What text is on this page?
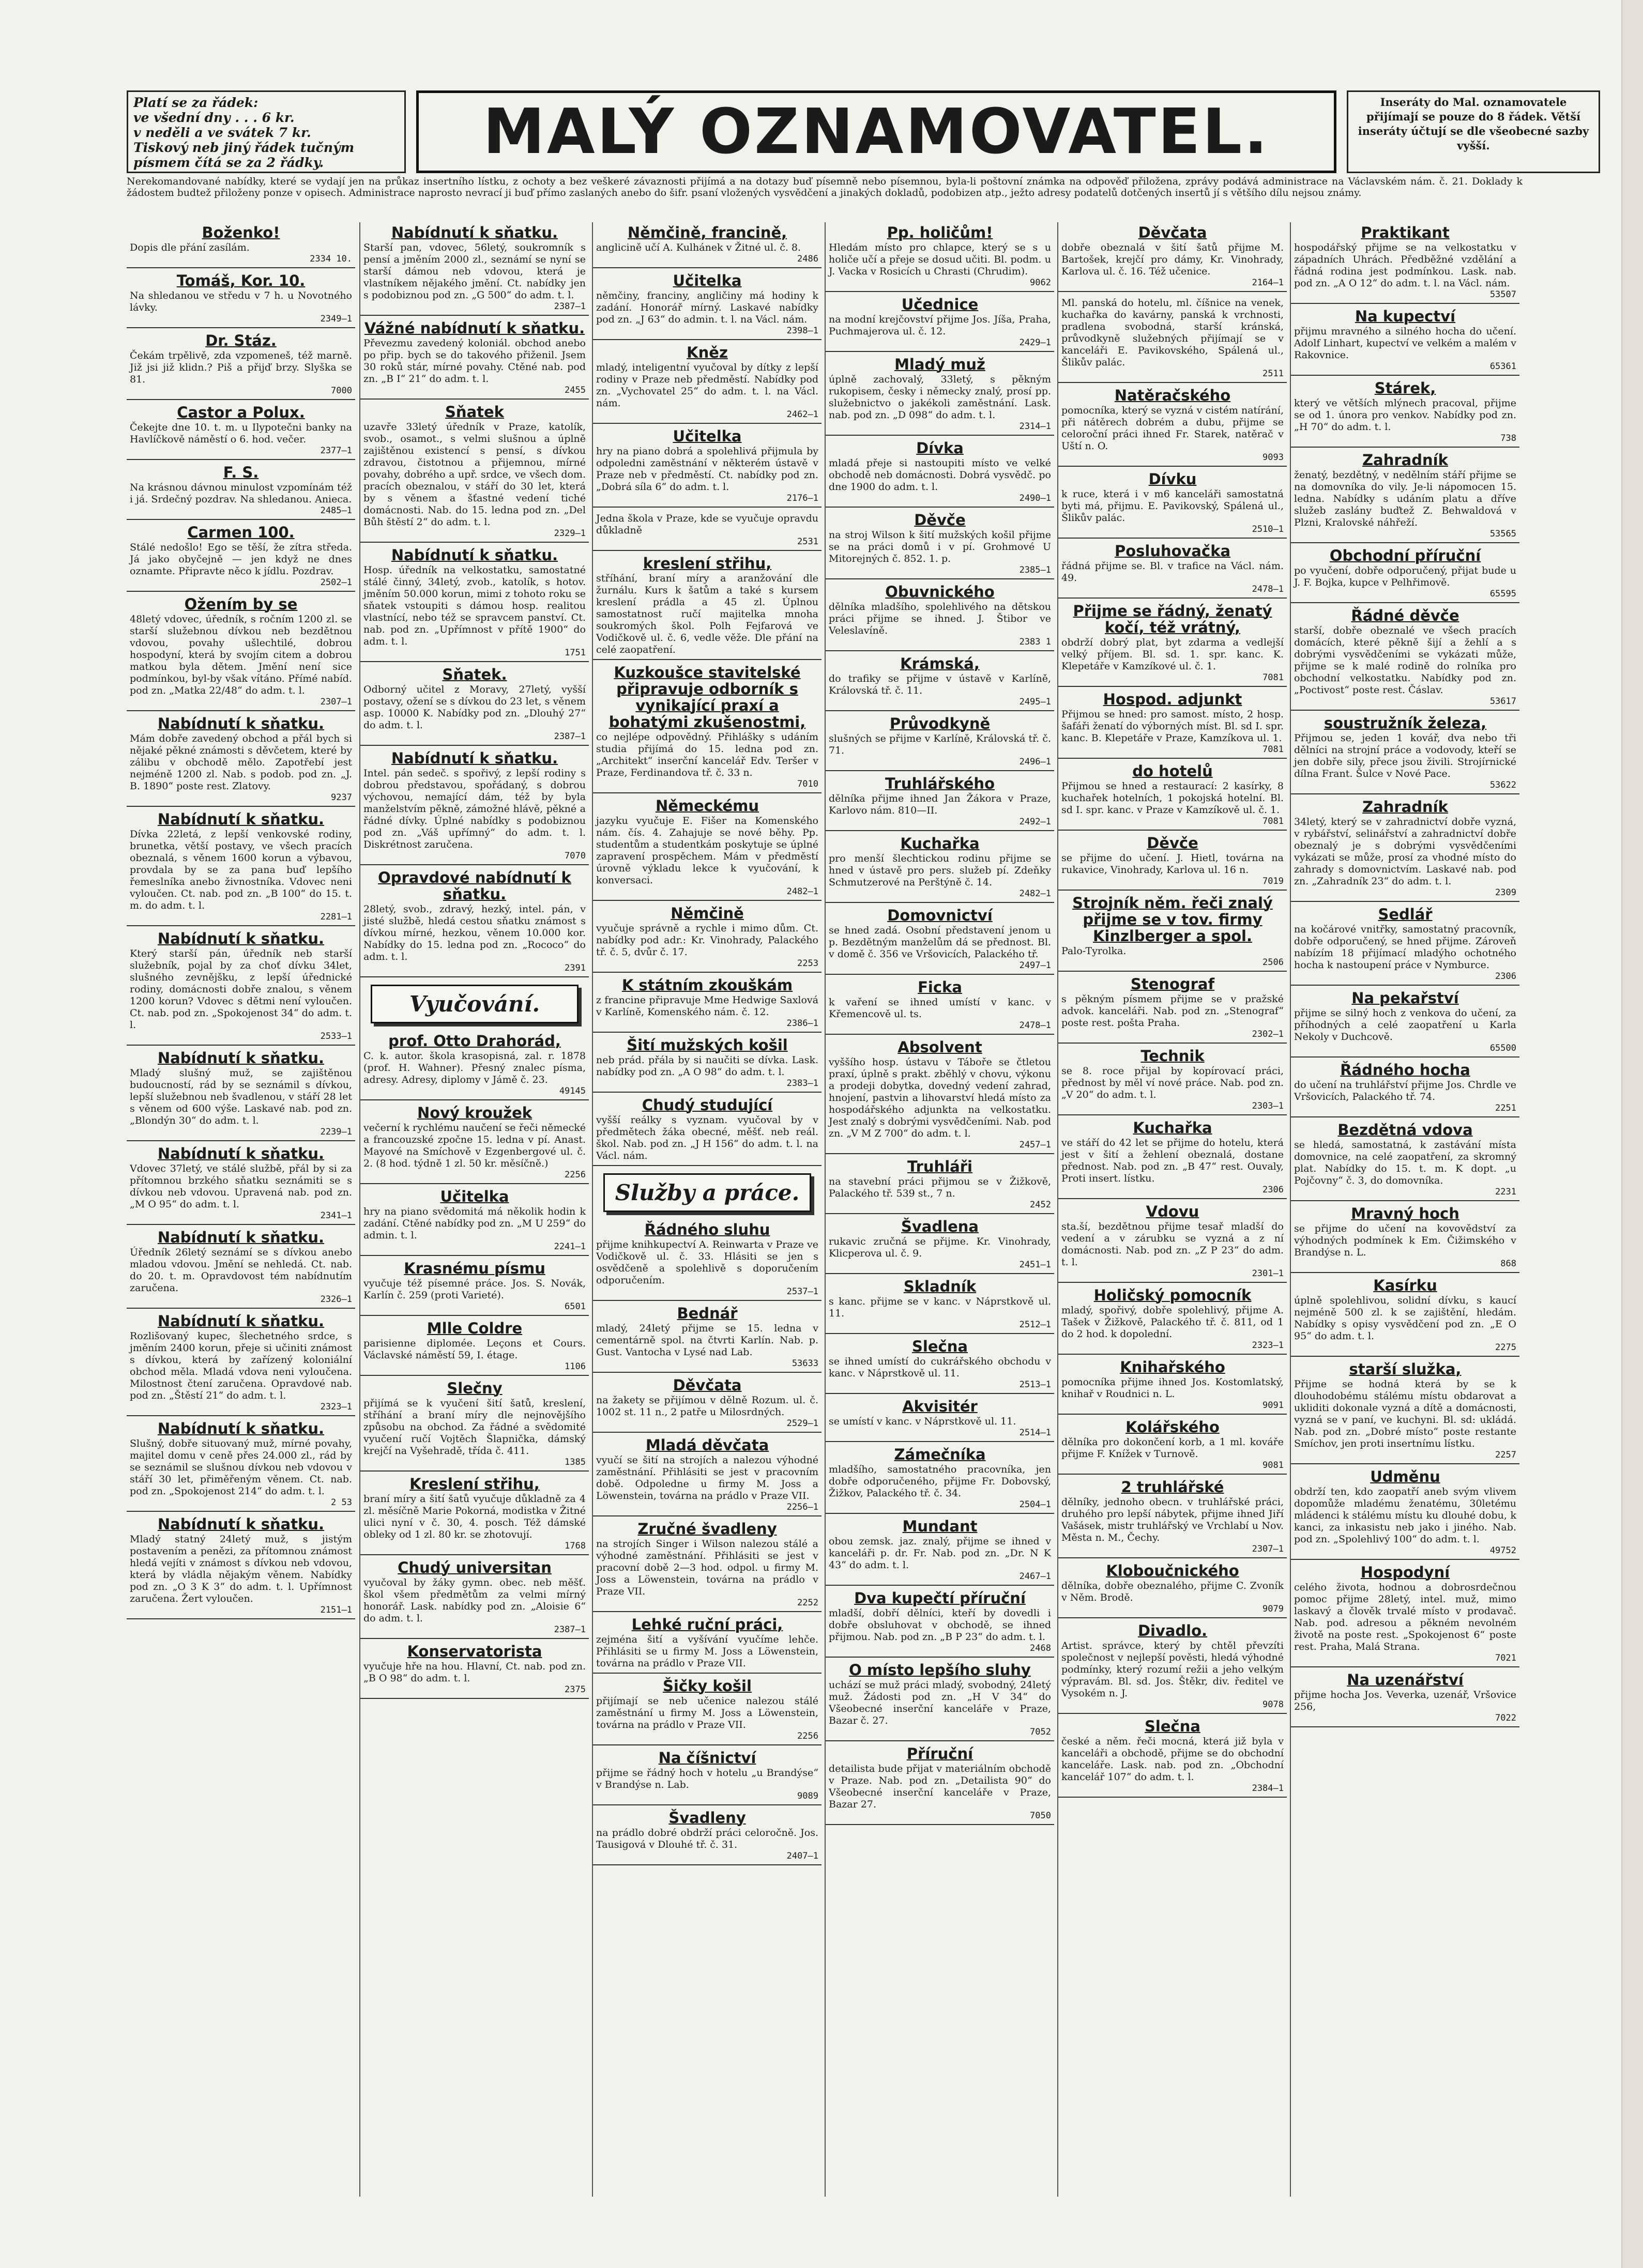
Platí se za řádek:
ve všední dny . . . 6 kr.
v neděli a ve svátek 7 kr.
Tiskový neb jiný řádek tučným
písmem čítá se za 2 řádky.	MALÝ OZNAMOVATEL.	Inseráty do Mal. oznamovatele přijímají se pouze do 8 řádek. Větší inseráty účtují se dle všeobecné sazby vyšší.
Nerekomandované nabídky, které se vydají jen na průkaz insertního lístku, z ochoty a bez veškeré závaznosti přijímá a na dotazy buď písemně nebo písemnou, byla-li poštovní známka na odpověď přiložena, zprávy podává administrace na Václavském nám. č. 21. Doklady k žádostem budtež přiloženy ponze v opisech. Administrace naprosto nevrací ji buď přímo zaslaných anebo do šifr. psaní vložených vysvědčení a jinakých dokladů, podobizen atp., ježto adresy podatelů dotčených insertů jí s většího dílu nejsou známy.
Boženko!
Dopis dle přání zasílám.
2334 10.
Tomáš, Kor. 10.
Na shledanou ve středu v 7 h. u Novotného lávky.
2349—1
Dr. Stáz.
Čekám trpělivě, zda vzpomeneš, též marně. Již jsi již klidn.? Piš a přijď brzy. Slyška se 81.
7000
Castor a Polux.
Čekejte dne 10. t. m. u Ilypotečni banky na Havlíčkově náměstí o 6. hod. večer.
2377—1
F. S.
Na krásnou dávnou minulost vzpomínám též i já. Srdečný pozdrav. Na shledanou. Anieca.
2485—1
Carmen 100.
Stálé nedošlo! Ego se těší, že zítra středa. Já jako obyčejně — jen když ne dnes oznamte. Připravte něco k jídlu. Pozdrav.
2502—1
Ožením by se
48letý vdovec, úředník, s ročním 1200 zl. se starší služebnou dívkou neb bezdětnou vdovou, povahy ušlechtilé, dobrou hospodyní, která by svojím citem a dobrou matkou byla dětem. Jmění není sice podmínkou, byl-by však vítáno. Přímé nabíd. pod zn. „Matka 22/48“ do adm. t. l.
2307—1
Nabídnutí k sňatku.
Mám dobře zavedený obchod a přál bych si nějaké pěkné známosti s děvčetem, které by zálibu v obchodě mělo. Zapotřebí jest nejméně 1200 zl. Nab. s podob. pod zn. „J. B. 1890“ poste rest. Zlatovy.
9237
Nabídnutí k sňatku.
Dívka 22letá, z lepší venkovské rodiny, brunetka, větší postavy, ve všech pracích obeznalá, s věnem 1600 korun a výbavou, provdala by se za pana buď lepšího řemeslníka anebo živnostníka. Vdovec neni vyloučen. Ct. nab. pod zn. „B 100“ do 15. t. m. do adm. t. l.
2281—1
Nabídnutí k sňatku.
Který starší pán, úředník neb starší služebník, pojal by za choť dívku 34let, slušného zevnějšku, z lepší úřednické rodiny, domácnosti dobře znalou, s věnem 1200 korun? Vdovec s dětmi není vyloučen. Ct. nab. pod zn. „Spokojenost 34“ do adm. t. l.
2533—1
Nabídnutí k sňatku.
Mladý slušný muž, se zajištěnou budoucností, rád by se seznámil s dívkou, lepší služebnou neb švadlenou, v stáří 28 let s věnem od 600 výše. Laskavé nab. pod zn. „Blondýn 30“ do adm. t. l.
2239—1
Nabídnutí k sňatku.
Vdovec 37letý, ve stálé službě, přál by si za přítomnou brzkého sňatku seznámiti se s dívkou neb vdovou. Upravená nab. pod zn. „M O 95“ do adm. t. l.
2341—1
Nabídnutí k sňatku.
Úředník 26letý seznámí se s dívkou anebo mladou vdovou. Jmění se nehledá. Ct. nab. do 20. t. m. Opravdovost tém nabídnutím zaručena.
2326—1
Nabídnutí k sňatku.
Rozlišovaný kupec, šlechetného srdce, s jměním 2400 korun, přeje si učiniti známost s dívkou, která by zařízený koloniální obchod měla. Mladá vdova neni vyloučena. Milostnost čtení zaručena. Opravdové nab. pod zn. „Štěstí 21“ do adm. t. l.
2323—1
Nabídnutí k sňatku.
Slušný, dobře situovaný muž, mírné povahy, majitel domu v ceně přes 24.000 zl., rád by se seznámil se slušnou dívkou neb vdovou v stáří 30 let, přiměřeným věnem. Ct. nab. pod zn. „Spokojenost 214“ do adm. t. l.
2 53
Nabídnutí k sňatku.
Mladý statný 24letý muž, s jistým postavením a penězi, za přítomnou známost hledá vejíti v známost s dívkou neb vdovou, která by vládla nějakým věnem. Nabídky pod zn. „O 3 K 3“ do adm. t. l. Upřímnost zaručena. Žert vyloučen.
2151—1
Nabídnutí k sňatku.
Starší pan, vdovec, 56letý, soukromník s pensí a jměním 2000 zl., seznámí se nyní se starší dámou neb vdovou, která je vlastníkem nějakého jmění. Ct. nabídky jen s podobiznou pod zn. „G 500“ do adm. t. l.
2387—1
Vážné nabídnutí k sňatku.
Převezmu zavedený koloniál. obchod anebo po přip. bych se do takového přiženil. Jsem 30 roků stár, mírné povahy. Ctěné nab. pod zn. „B I“ 21“ do adm. t. l.
2455
Sňatek
uzavře 33letý úředník v Praze, katolík, svob., osamot., s velmi slušnou a úplně zajištěnou existencí s pensí, s dívkou zdravou, čistotnou a přijemnou, mírné povahy, dobrého a upř. srdce, ve všech dom. pracích obeznalou, v stáří do 30 let, která by s věnem a šťastné vedení tiché domácnosti. Nab. do 15. ledna pod zn. „Del Bůh štěstí 2“ do adm. t. l.
2329—1
Nabídnutí k sňatku.
Hosp. úředník na velkostatku, samostatné stálé činný, 34letý, zvob., katolík, s hotov. jměním 50.000 korun, mimi z tohoto roku se sňatek vstoupiti s dámou hosp. realitou vlastnící, nebo též se spravcem panství. Ct. nab. pod zn. „Upřímnost v přítě 1900“ do adm. t. l.
1751
Sňatek.
Odborný učitel z Moravy, 27letý, vyšší postavy, ožení se s dívkou do 23 let, s věnem asp. 10000 K. Nabídky pod zn. „Dlouhý 27“ do adm. t. l.
2387—1
Nabídnutí k sňatku.
Intel. pán sedeč. s spořivý, z lepší rodiny s dobrou představou, spořádaný, s dobrou výchovou, nemající dám, též by byla manželstvím pěkně, zámožné hlávě, pěkné a řádné dívky. Úplné nabídky s podobiznou pod zn. „Váš upřímný“ do adm. t. l. Diskrétnost zaručena.
7070
Opravdové nabídnutí k sňatku.
28letý, svob., zdravý, hezký, intel. pán, v jisté službě, hledá cestou sňatku známost s dívkou mírné, hezkou, věnem 10.000 kor. Nabídky do 15. ledna pod zn. „Rococo“ do adm. t. l.
2391
Vyučování.
prof. Otto Drahorád,
C. k. autor. škola krasopisná, zal. r. 1878 (prof. H. Wahner). Přesný znalec písma, adresy. Adresy, diplomy v Jámě č. 23.
49145
Nový kroužek
večerní k rychlému naučení se řeči německé a francouzské zpočne 15. ledna v pí. Anast. Mayové na Smíchově v Ezgenbergové ul. č. 2. (8 hod. týdně 1 zl. 50 kr. měsíčně.)
2256
Učitelka
hry na piano svědomitá má několik hodin k zadání. Ctěné nabídky pod zn. „M U 259“ do admin. t. l.
2241—1
Krasnému písmu
vyučuje též písemné práce. Jos. S. Novák, Karlín č. 259 (proti Varieté).
6501
Mlle Coldre
parisienne diplomée. Leçons et Cours. Václavské náměstí 59, I. étage.
1106
Slečny
přijímá se k vyučení šití šatů, kreslení, stříhání a braní míry dle nejnovějšího způsobu na obchod. Za řádné a svědomité vyučení ručí Vojtěch Šlapnička, dámský krejčí na Vyšehradě, třída č. 411.
1385
Kreslení střihu,
braní míry a šití šatů vyučuje důkladně za 4 zl. měsíčně Marie Pokorná, modistka v Žitné ulici nyní v č. 30, 4. posch. Též dámské obleky od 1 zl. 80 kr. se zhotovují.
1768
Chudý universitan
vyučoval by žáky gymn. obec. neb měšť. škol všem předmětům za velmi mírný honorář. Lask. nabídky pod zn. „Aloisie 6“ do adm. t. l.
2387—1
Konservatorista
vyučuje hře na hou. Hlavní, Ct. nab. pod zn. „B O 98“ do adm. t. l.
2375
Němčině, francině,
anglicině učí A. Kulhánek v Žitné ul. č. 8.
2486
Učitelka
němčiny, franciny, angličiny má hodiny k zadání. Honorář mírný. Laskavé nabídky pod zn. „J 63“ do admin. t. l. na Václ. nám.
2398—1
Kněz
mladý, inteligentní vyučoval by dítky z lepší rodiny v Praze neb předměstí. Nabídky pod zn. „Vychovatel 25“ do adm. t. l. na Václ. nám.
2462—1
Učitelka
hry na piano dobrá a spolehlivá přijmula by odpoledni zaměstnání v některém ústavě v Praze neb v předměstí. Ct. nabídky pod zn. „Dobrá síla 6“ do adm. t. l.
2176—1
Jedna škola v Praze, kde se vyučuje opravdu důkladně
2531
kreslení střihu,
stříhání, braní míry a aranžování dle žurnálu. Kurs k šatům a také s kursem kreslení prádla a 45 zl. Úplnou samostatnost ručí majitelka mnoha soukromých škol. Polh Fejfarová ve Vodičkově ul. č. 6, vedle věže. Dle přání na celé zaopatření.
Kuzkoušce stavitelské připravuje odborník s vynikající praxí a bohatými zkušenostmi,
co nejlépe odpovědný. Přihlášky s udáním studia přijímá do 15. ledna pod zn. „Architekt“ inserční kancelář Edv. Teršer v Praze, Ferdinandova tř. č. 33 n.
7010
Německému
jazyku vyučuje E. Fišer na Komenského nám. čís. 4. Zahajuje se nové běhy. Pp. studentům a studentkám poskytuje se úplné zapravení prospěchem. Mám v předměstí úrovně výkladu lekce k vyučování, k konversaci.
2482—1
Němčině
vyučuje správně a rychle i mimo dům. Ct. nabídky pod adr.: Kr. Vinohrady, Palackého tř. č. 5, dvůr č. 17.
2253
K státním zkouškám
z francine připravuje Mme Hedwige Saxlová v Karlíně, Komenského nám. č. 12.
2386—1
Šití mužských košil
neb prád. přála by si naučiti se dívka. Lask. nabídky pod zn. „A O 98“ do adm. t. l.
2383—1
Chudý studující
vyšší reálky s vyznam. vyučoval by v předmětech žáka obecné, měšť. neb reál. škol. Nab. pod zn. „J H 156“ do adm. t. l. na Václ. nám.
Služby a práce.
Řádného sluhu
přijme knihkupectví A. Reinwarta v Praze ve Vodičkově ul. č. 33. Hlásiti se jen s osvědčeně a spolehlivě s doporučením odporučením.
2537—1
Bednář
mladý, 24letý přijme se 15. ledna v cementárně spol. na čtvrti Karlín. Nab. p. Gust. Vantocha v Lysé nad Lab.
53633
Děvčata
na žakety se přijímou v dělně Rozum. ul. č. 1002 st. 11 n., 2 patře u Milosrdných.
2529—1
Mladá děvčata
vyučí se šití na strojích a nalezou výhodné zaměstnání. Přihlásiti se jest v pracovním době. Odpoledne u firmy M. Joss a Löwenstein, továrna na prádlo v Praze VII.
2256—1
Zručné švadleny
na strojích Singer i Wilson nalezou stálé a výhodné zaměstnání. Přihlásiti se jest v pracovní době 2—3 hod. odpol. u firmy M. Joss a Löwenstein, továrna na prádlo v Praze VII.
2252
Lehké ruční práci,
zejména šití a vyšívání vyučíme lehče. Přihlásiti se u firmy M. Joss a Löwenstein, továrna na prádlo v Praze VII.
Šičky košil
přijímají se neb učenice nalezou stálé zaměstnání u firmy M. Joss a Löwenstein, továrna na prádlo v Praze VII.
2256
Na číšnictví
přijme se řádný hoch v hotelu „u Brandýse“ v Brandýse n. Lab.
9089
Švadleny
na prádlo dobré obdrží práci celoročně. Jos. Tausigová v Dlouhé tř. č. 31.
2407—1
Pp. holičům!
Hledám místo pro chlapce, který se s u holiče učí a přeje se dosud učiti. Bl. podm. u J. Vacka v Rosicích u Chrasti (Chrudim).
9062
Učednice
na modní krejčovství přijme Jos. Jíša, Praha, Puchmajerova ul. č. 12.
2429—1
Mladý muž
úplně zachovalý, 33letý, s pěkným rukopisem, česky i německy znalý, prosí pp. služebnictvo o jakékoli zaměstnání. Lask. nab. pod zn. „D 098“ do adm. t. l.
2314—1
Dívka
mladá přeje si nastoupiti místo ve velké obchodě neb domácnosti. Dobrá vysvědč. po dne 1900 do adm. t. l.
2490—1
Děvče
na stroj Wilson k šití mužských košil přijme se na práci domů i v pí. Grohmové U Mitorejných č. 852. 1. p.
2385—1
Obuvnického
dělníka mladšího, spolehlivého na dětskou práci přijme se ihned. J. Štibor ve Veleslavíně.
2383 1
Krámská,
do trafiky se přijme v ústavě v Karlíně, Královská tř. č. 11.
2495—1
Průvodkyně
slušných se přijme v Karlíně, Královská tř. č. 71.
2496—1
Truhlářského
dělníka přijme ihned Jan Žákora v Praze, Karlovo nám. 810—II.
2492—1
Kuchařka
pro menší šlechtickou rodinu přijme se hned v ústavě pro pers. služeb pí. Zdeňky Schmutzerové na Perštýně č. 14.
2482—1
Domovnictví
se hned zadá. Osobní představení jenom u p. Bezdětným manželům dá se přednost. Bl. v domě č. 356 ve Vršovicích, Palackého tř.
2497—1
Ficka
k vaření se ihned umístí v kanc. v Křemencově ul. ts.
2478—1
Absolvent
vyššího hosp. ústavu v Táboře se čtletou praxí, úplně s prakt. zběhlý v chovu, výkonu a prodeji dobytka, dovedný vedení zahrad, hnojení, pastvin a lihovarství hledá místo za hospodářského adjunkta na velkostatku. Jest znalý s dobrými vysvědčeními. Nab. pod zn. „V M Z 700“ do adm. t. l.
2457—1
Truhláři
na stavební práci přijmou se v Žižkově, Palackého tř. 539 st., 7 n.
2452
Švadlena
rukavic zručná se přijme. Kr. Vinohrady, Klicperova ul. č. 9.
2451—1
Skladník
s kanc. přijme se v kanc. v Náprstkově ul. 11.
2512—1
Slečna
se ihned umístí do cukrářského obchodu v kanc. v Náprstkově ul. 11.
2513—1
Akvisitér
se umístí v kanc. v Náprstkově ul. 11.
2514—1
Zámečníka
mladšího, samostatného pracovníka, jen dobře odporučeného, přijme Fr. Dobovský, Žižkov, Palackého tř. č. 34.
2504—1
Mundant
obou zemsk. jaz. znalý, přijme se ihned v kanceláři p. dr. Fr. Nab. pod zn. „Dr. N K 43“ do adm. t. l.
2467—1
Dva kupečtí příruční
mladší, dobří dělníci, kteří by dovedli i dobře obsluhovat v obchodě, se ihned přijmou. Nab. pod zn. „B P 23“ do adm. t. l.
2468
O místo lepšího sluhy
uchází se muž práci mladý, svobodný, 24letý muž. Žádosti pod zn. „H V 34“ do Všeobecné inserční kanceláře v Praze, Bazar č. 27.
7052
Příruční
detailista bude přijat v materiálním obchodě v Praze. Nab. pod zn. „Detailista 90“ do Všeobecné inserční kanceláře v Praze, Bazar 27.
7050
Děvčata
dobře obeznalá v šití šatů přijme M. Bartošek, krejčí pro dámy, Kr. Vinohrady, Karlova ul. č. 16. Též učenice.
2164—1
Ml. panská do hotelu, ml. číšnice na venek, kuchařka do kavárny, panská k vrchnosti, pradlena svobodná, starší kránská, průvodkyně služebných přijímají se v kanceláři E. Pavikovského, Spálená ul., Šlikův palác.
2511
Natěračského
pomocníka, který se vyzná v cistém natírání, při nátěrech dobrém a dubu, přijme se celoroční práci ihned Fr. Starek, natěrač v Uští n. O.
9093
Dívku
k ruce, která i v m6 kanceláři samostatná byti má, přijmu. E. Pavikovský, Spálená ul., Šlikův palác.
2510—1
Posluhovačka
řádná přijme se. Bl. v trafice na Václ. nám. 49.
2478—1
Přijme se řádný, ženatý kočí, též vrátný,
obdrží dobrý plat, byt zdarma a vedlejší velký příjem. Bl. sd. 1. spr. kanc. K. Klepetáře v Kamzíkové ul. č. 1.
7081
Hospod. adjunkt
Přijmou se hned: pro samost. místo, 2 hosp. šafáři ženatí do výborných míst. Bl. sd I. spr. kanc. B. Klepetáře v Praze, Kamzíkova ul. 1.
7081
do hotelů
Přijmou se hned a restaurací: 2 kasírky, 8 kuchařek hotelních, 1 pokojská hotelní. Bl. sd I. spr. kanc. v Praze v Kamzíkově ul. č. 1.
7081
Děvče
se přijme do učení. J. Hietl, továrna na rukavice, Vinohrady, Karlova ul. 16 n.
7019
Strojník něm. řeči znalý přijme se v tov. firmy Kinzlberger a spol.
Palo-Tyrolka.
2506
Stenograf
s pěkným písmem přijme se v pražské advok. kanceláři. Nab. pod zn. „Stenograf“ poste rest. pošta Praha.
2302—1
Technik
se 8. roce přijal by kopírovací práci, přednost by měl ví nové práce. Nab. pod zn. „V 20“ do adm. t. l.
2303—1
Kuchařka
ve stáří do 42 let se přijme do hotelu, která jest v šití a žehlení obeznalá, dostane přednost. Nab. pod zn. „B 47“ rest. Ouvaly, Proti insert. lístku.
2306
Vdovu
sta.ší, bezdětnou přijme tesař mladší do vedení a v zárubku se vyzná a z ní domácnosti. Nab. pod zn. „Z P 23“ do adm. t. l.
2301—1
Holičský pomocník
mladý, spořivý, dobře spolehlivý, přijme A. Tašek v Žižkově, Palackého tř. č. 811, od 1 do 2 hod. k dopolední.
2323—1
Knihařského
pomocníka přijme ihned Jos. Kostomlatský, knihař v Roudnici n. L.
9091
Kolářského
dělníka pro dokončení korb, a 1 ml. kováře přijme F. Knížek v Turnově.
9081
2 truhlářské
dělníky, jednoho obecn. v truhlářské práci, druhého pro lepší nábytek, přijme ihned Jiří Vašásek, mistr truhlářský ve Vrchlabí u Nov. Města n. M., Čechy.
2307—1
Kloboučnického
dělníka, dobře obeznalého, přijme C. Zvoník v Něm. Brodě.
9079
Divadlo.
Artist. správce, který by chtěl převzíti společnost v nejlepší pověsti, hledá výhodné podmínky, který rozumí režii a jeho velkým výpravám. Bl. sd. Jos. Štěkr, div. ředitel ve Vysokém n. J.
9078
Slečna
české a něm. řeči mocná, která již byla v kanceláři a obchodě, přijme se do obchodní kanceláře. Lask. nab. pod zn. „Obchodní kancelář 107“ do adm. t. l.
2384—1
Praktikant
hospodářský přijme se na velkostatku v západních Uhrách. Předběžné vzdělání a řádná rodina jest podmínkou. Lask. nab. pod zn. „A O 12“ do adm. t. l. na Václ. nám.
53507
Na kupectví
přijmu mravného a silného hocha do učení. Adolf Linhart, kupectví ve velkém a malém v Rakovnice.
65361
Stárek,
který ve větších mlýnech pracoval, přijme se od 1. února pro venkov. Nabídky pod zn. „H 70“ do adm. t. l.
738
Zahradník
ženatý, bezdětný, v nedělním stáří přijme se na domovníka do vily. Je-li nápomocen 15. ledna. Nabídky s udáním platu a dříve služeb zaslány buďtež Z. Behwaldová v Plzni, Kralovské náhřeží.
53565
Obchodní příruční
po vyučení, dobře odporučený, přijat bude u J. F. Bojka, kupce v Pelhřimově.
65595
Řádné děvče
starší, dobře obeznalé ve všech pracích domácích, které pěkně šijí a žehlí a s dobrými vysvědčeními se vykázati může, přijme se k malé rodině do rolníka pro obchodní velkostatku. Nabídky pod zn. „Poctivost“ poste rest. Čáslav.
53617
soustružník železa,
Přijmou se, jeden 1 kovář, dva nebo tři dělníci na strojní práce a vodovody, kteří se jen dobře sily, přece jsou živili. Strojírnické dílna Frant. Šulce v Nové Pace.
53622
Zahradník
34letý, který se v zahradnictví dobře vyzná, v rybářství, selinářství a zahradnictví dobře obeznalý je s dobrými vysvědčeními vykázati se může, prosí za vhodné místo do zahrady s domovnictvím. Laskavé nab. pod zn. „Zahradník 23“ do adm. t. l.
2309
Sedlář
na kočárové vnitřky, samostatný pracovník, dobře odporučený, se hned přijme. Zároveň nabízím 18 přijímací mladýho ochotného hocha k nastoupení práce v Nymburce.
2306
Na pekařství
přijme se silný hoch z venkova do učení, za příhodných a celé zaopatření u Karla Nekoly v Duchcově.
65500
Řádného hocha
do učení na truhlářství přijme Jos. Chrdle ve Vršovicích, Palackého tř. 74.
2251
Bezdětná vdova
se hledá, samostatná, k zastávání místa domovnice, na celé zaopatření, za skromný plat. Nabídky do 15. t. m. K dopt. „u Pojčovny“ č. 3, do domovníka.
2231
Mravný hoch
se přijme do učení na kovovědství za výhodných podmínek k Em. Čižimského v Brandýse n. L.
868
Kasírku
úplně spolehlivou, solidní dívku, s kaucí nejméně 500 zl. k se zajištění, hledám. Nabídky s opisy vysvědčení pod zn. „E O 95“ do adm. t. l.
2275
starší služka,
Přijme se hodná která by se k dlouhodobému stálému místu obdarovat a ukliditi dokonale vyzná a dítě a domácnosti, vyzná se v paní, ve kuchyni. Bl. sd: ukládá. Nab. pod zn. „Dobré místo“ poste restante Smíchov, jen proti insertnímu lístku.
2257
Udměnu
obdrží ten, kdo zaopatří aneb svým vlivem dopomůže mladému ženatému, 30letému mládenci k stálému místu ku dlouhé dobu, k kanci, za inkasistu neb jako i jiného. Nab. pod zn. „Spolehlivý 100“ do adm. t. l.
49752
Hospodyní
celého života, hodnou a dobrosrdečnou pomoc přijme 28letý, intel. muž, mimo laskavý a člověk trvalé místo v prodavač. Nab. pod. adresou a pěkném nevolném životě na poste rest. „Spokojenost 6“ poste rest. Praha, Malá Strana.
7021
Na uzenářství
přijme hocha Jos. Veverka, uzenář, Vršovice 256,
7022
